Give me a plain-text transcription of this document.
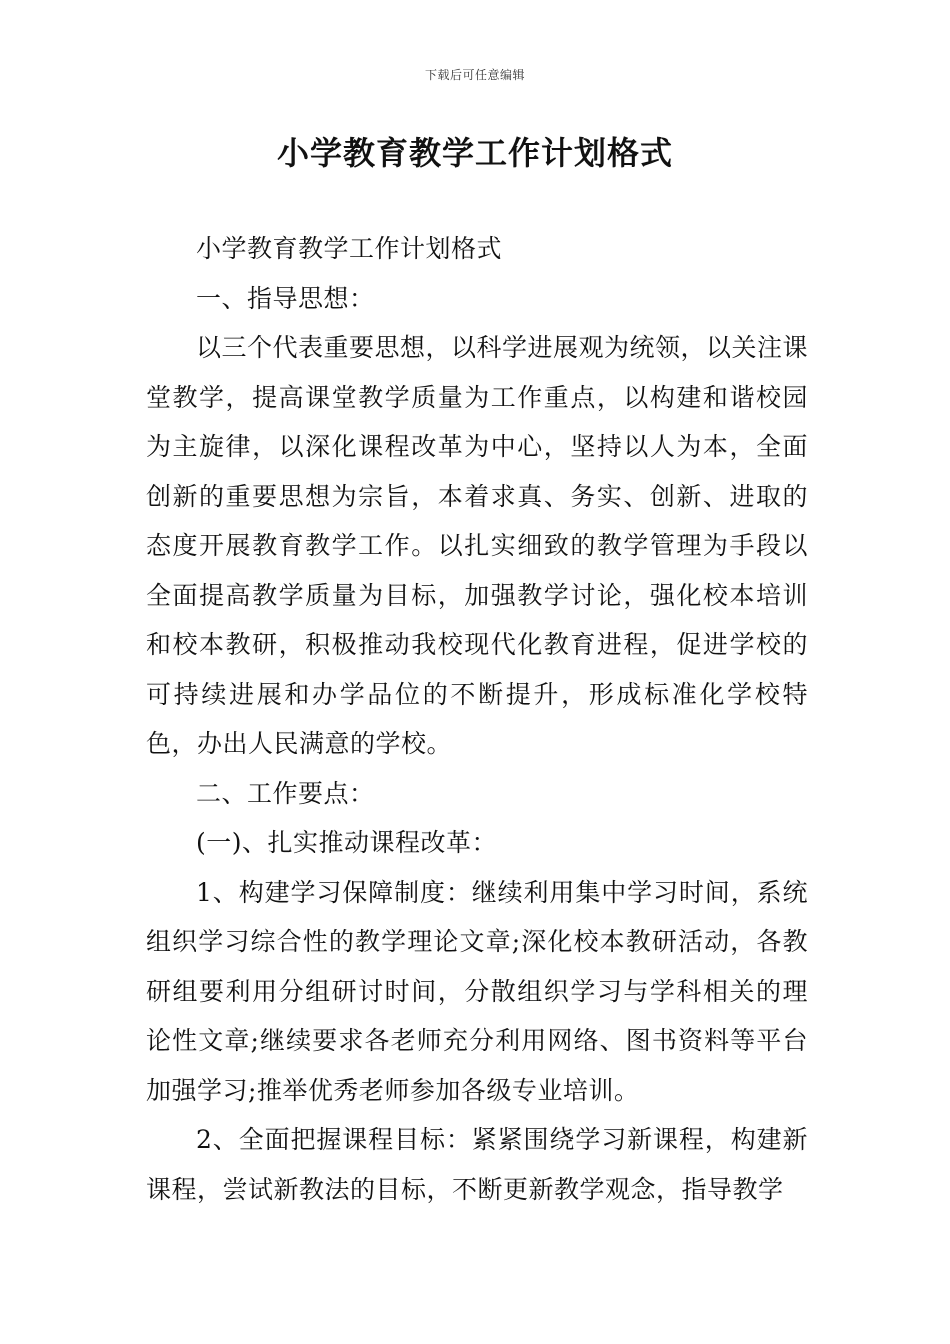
下载后可任意编辑
小学教育教学工作计划格式

小学教育教学工作计划格式

一、指导思想：

以三个代表重要思想，以科学进展观为统领，以关注课堂教学，提高课堂教学质量为工作重点，以构建和谐校园为主旋律，以深化课程改革为中心，坚持以人为本，全面创新的重要思想为宗旨，本着求真、务实、创新、进取的态度开展教育教学工作。以扎实细致的教学管理为手段以全面提高教学质量为目标，加强教学讨论，强化校本培训和校本教研，积极推动我校现代化教育进程，促进学校的可持续进展和办学品位的不断提升，形成标准化学校特色，办出人民满意的学校。

二、工作要点：

(一)、扎实推动课程改革：

1、构建学习保障制度：继续利用集中学习时间，系统组织学习综合性的教学理论文章;深化校本教研活动，各教研组要利用分组研讨时间，分散组织学习与学科相关的理论性文章;继续要求各老师充分利用网络、图书资料等平台加强学习;推举优秀老师参加各级专业培训。

2、全面把握课程目标：紧紧围绕学习新课程，构建新课程，尝试新教法的目标，不断更新教学观念，指导教学
